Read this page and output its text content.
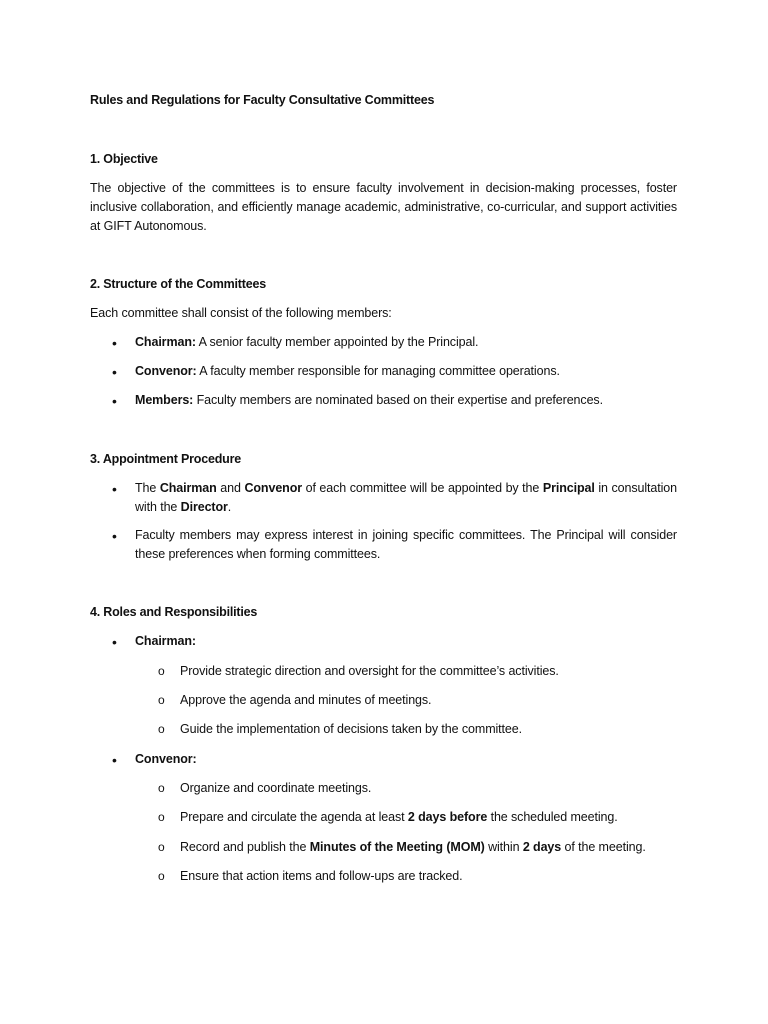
Rules and Regulations for Faculty Consultative Committees
1. Objective
The objective of the committees is to ensure faculty involvement in decision-making processes, foster inclusive collaboration, and efficiently manage academic, administrative, co-curricular, and support activities at GIFT Autonomous.
2. Structure of the Committees
Each committee shall consist of the following members:
• Chairman: A senior faculty member appointed by the Principal.
• Convenor: A faculty member responsible for managing committee operations.
• Members: Faculty members are nominated based on their expertise and preferences.
3. Appointment Procedure
• The Chairman and Convenor of each committee will be appointed by the Principal in consultation with the Director.
• Faculty members may express interest in joining specific committees. The Principal will consider these preferences when forming committees.
4. Roles and Responsibilities
• Chairman:
o Provide strategic direction and oversight for the committee’s activities.
o Approve the agenda and minutes of meetings.
o Guide the implementation of decisions taken by the committee.
• Convenor:
o Organize and coordinate meetings.
o Prepare and circulate the agenda at least 2 days before the scheduled meeting.
o Record and publish the Minutes of the Meeting (MOM) within 2 days of the meeting.
o Ensure that action items and follow-ups are tracked.
